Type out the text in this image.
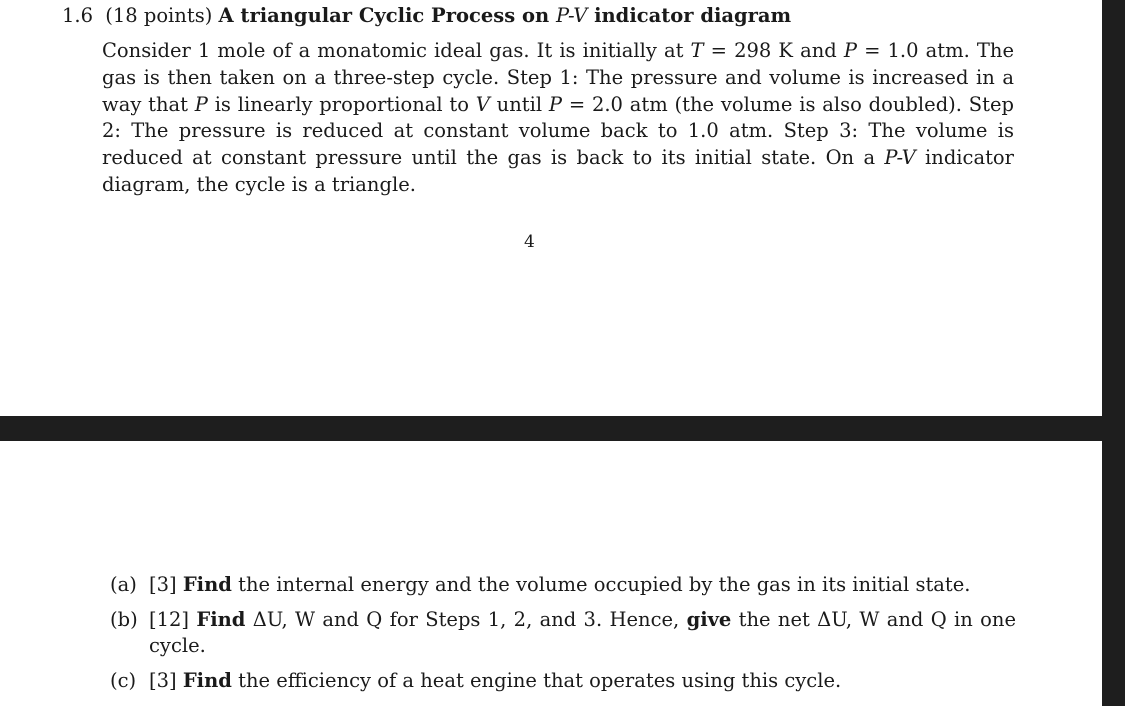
1.6 (18 points) A triangular Cyclic Process on P-V indicator diagram
Consider 1 mole of a monatomic ideal gas. It is initially at T = 298 K and P = 1.0 atm. The gas is then taken on a three-step cycle. Step 1: The pressure and volume is increased in a way that P is linearly proportional to V until P = 2.0 atm (the volume is also doubled). Step 2: The pressure is reduced at constant volume back to 1.0 atm. Step 3: The volume is reduced at constant pressure until the gas is back to its initial state. On a P-V indicator diagram, the cycle is a triangle.
4
(a) [3] Find the internal energy and the volume occupied by the gas in its initial state.
(b) [12] Find ΔU, W and Q for Steps 1, 2, and 3. Hence, give the net ΔU, W and Q in one cycle.
(c) [3] Find the efficiency of a heat engine that operates using this cycle.
